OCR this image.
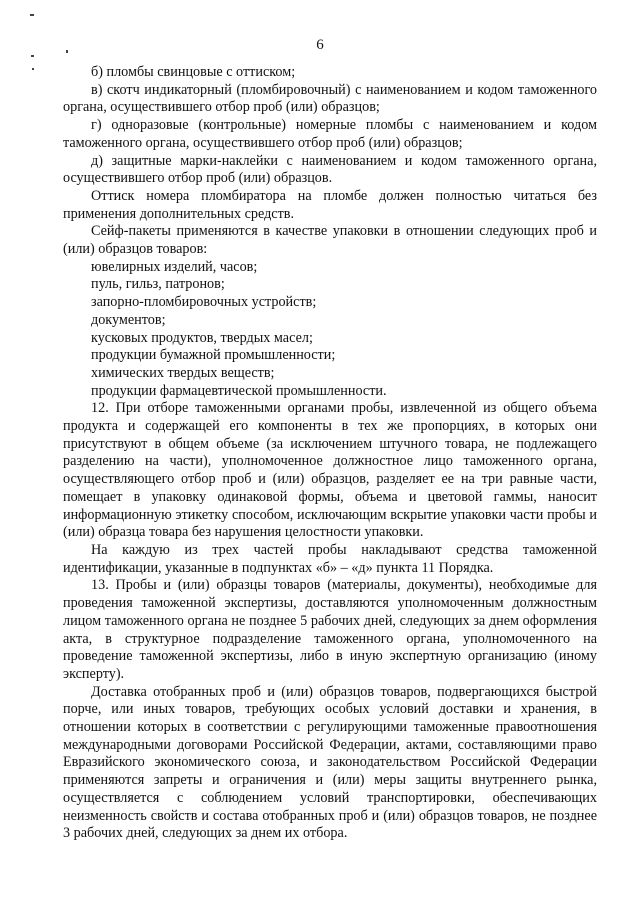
6

б) пломбы свинцовые с оттиском;

в) скотч индикаторный (пломбировочный) с наименованием и кодом таможенного органа, осуществившего отбор проб (или) образцов;

г) одноразовые (контрольные) номерные пломбы с наименованием и кодом таможенного органа, осуществившего отбор проб (или) образцов;

д) защитные марки-наклейки с наименованием и кодом таможенного органа, осуществившего отбор проб (или) образцов.

Оттиск номера пломбиратора на пломбе должен полностью читаться без применения дополнительных средств.

Сейф-пакеты применяются в качестве упаковки в отношении следующих проб и (или) образцов товаров:

ювелирных изделий, часов;

пуль, гильз, патронов;

запорно-пломбировочных устройств;

документов;

кусковых продуктов, твердых масел;

продукции бумажной промышленности;

химических твердых веществ;

продукции фармацевтической промышленности.

12. При отборе таможенными органами пробы, извлеченной из общего объема продукта и содержащей его компоненты в тех же пропорциях, в которых они присутствуют в общем объеме (за исключением штучного товара, не подлежащего разделению на части), уполномоченное должностное лицо таможенного органа, осуществляющего отбор проб и (или) образцов, разделяет ее на три равные части, помещает в упаковку одинаковой формы, объема и цветовой гаммы, наносит информационную этикетку способом, исключающим вскрытие упаковки части пробы и (или) образца товара без нарушения целостности упаковки.

На каждую из трех частей пробы накладывают средства таможенной идентификации, указанные в подпунктах «б» – «д» пункта 11 Порядка.

13. Пробы и (или) образцы товаров (материалы, документы), необходимые для проведения таможенной экспертизы, доставляются уполномоченным должностным лицом таможенного органа не позднее 5 рабочих дней, следующих за днем оформления акта, в структурное подразделение таможенного органа, уполномоченного на проведение таможенной экспертизы, либо в иную экспертную организацию (иному эксперту).

Доставка отобранных проб и (или) образцов товаров, подвергающихся быстрой порче, или иных товаров, требующих особых условий доставки и хранения, в отношении которых в соответствии с регулирующими таможенные правоотношения международными договорами Российской Федерации, актами, составляющими право Евразийского экономического союза, и законодательством Российской Федерации применяются запреты и ограничения и (или) меры защиты внутреннего рынка, осуществляется с соблюдением условий транспортировки, обеспечивающих неизменность свойств и состава отобранных проб и (или) образцов товаров, не позднее 3 рабочих дней, следующих за днем их отбора.
